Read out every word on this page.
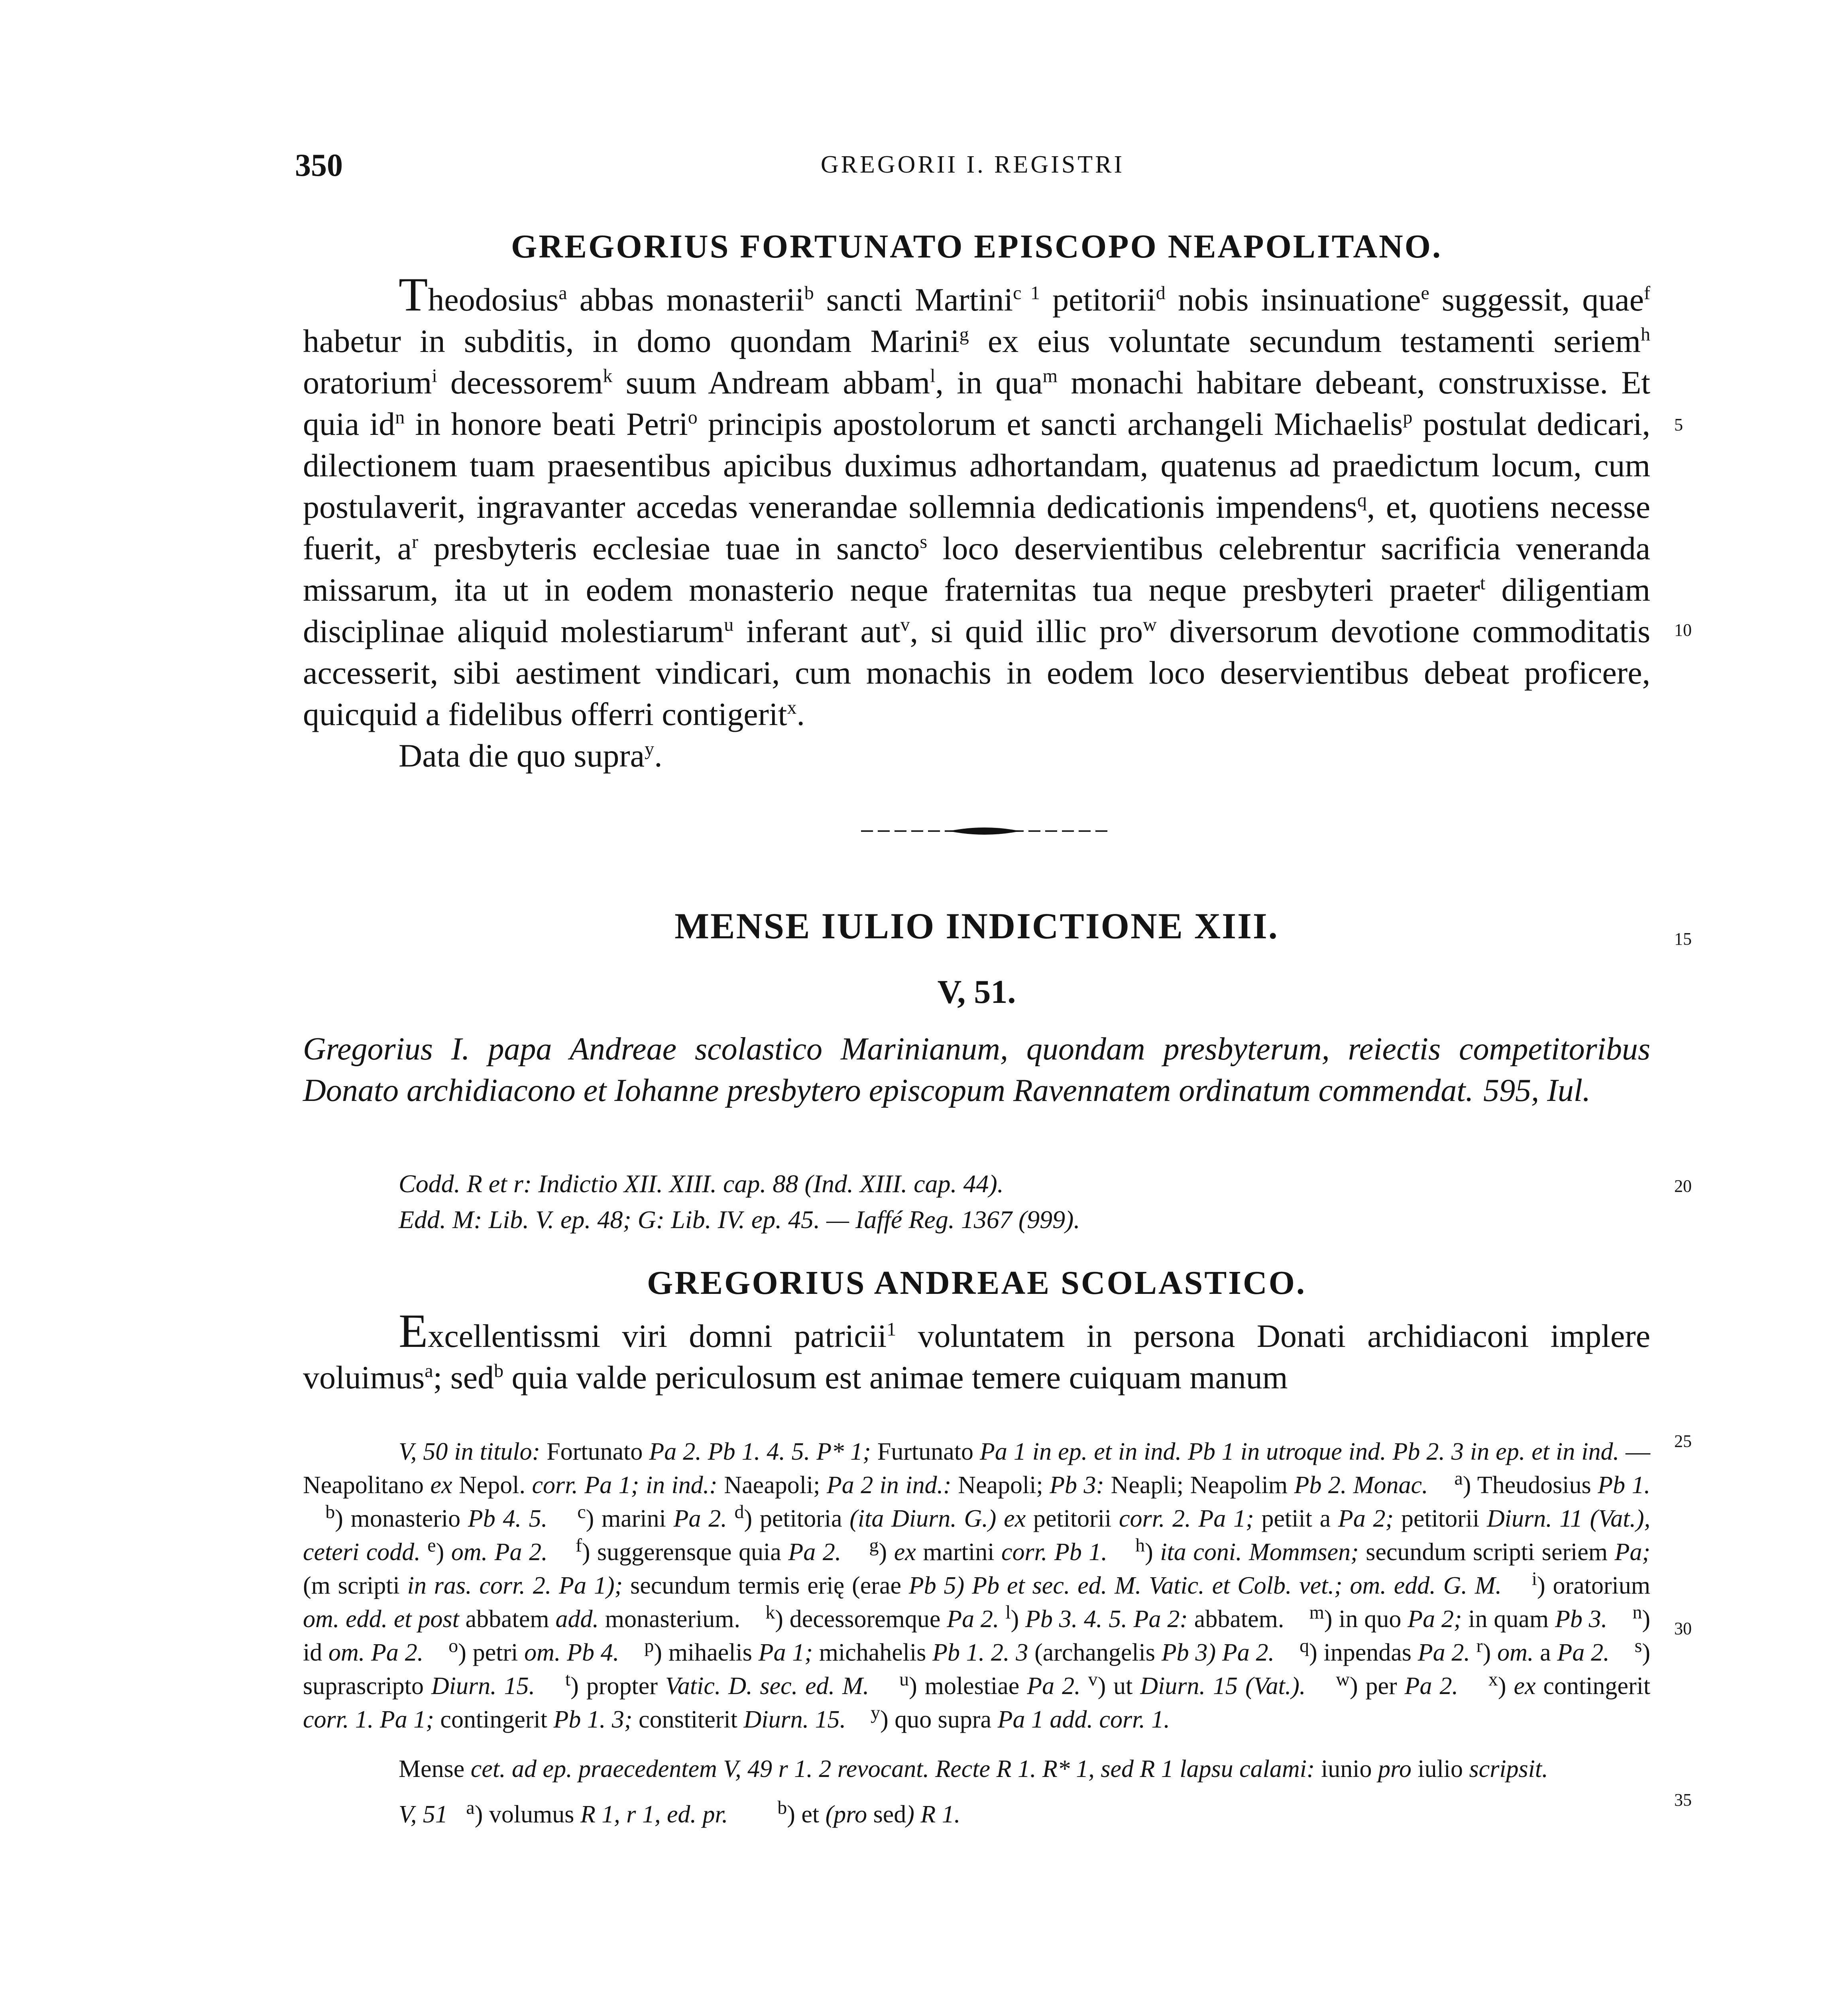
350	GREGORII I. REGISTRI
GREGORIUS FORTUNATO EPISCOPO NEAPOLITANO.

Theodosius$^a$ abbas monasterii$^b$ sancti Martini$^{c 1}$ petitorii$^d$ nobis insinuatione$^e$ suggessit, quae$^f$ habetur in subditis, in domo quondam Marini$^g$ ex eius voluntate secundum testamenti seriem$^h$ oratorium$^i$ decessorem$^k$ suum Andream abbam$^l$, in qua$^m$ monachi habitare debeant, construxisse. Et quia $id^n$ in honore beati Petri$^o$ principis apostolorum et sancti archangeli Michaelis$^p$ postulat dedicari, dilectionem tuam praesentibus apicibus duximus adhortandam, quatenus ad praedictum locum, cum postulaverit, ingravanter accedas venerandae sollemnia dedicationis impendens$^q$, et, quotiens necesse fuerit, $a^r$ presbyteris ecclesiae tuae in sancto$^s$ loco deservientibus celebrentur sacrificia veneranda missarum, ita ut in eodem monasterio neque fraternitas tua neque presbyteri praeter$^t$ diligentiam disciplinae aliquid molestiarum$^u$ inferant aut$^v$, si quid illic pro$^w$ diversorum devotione commoditatis accesserit, sibi aestiment vindicari, cum monachis in eodem loco deservientibus debeat proficere, quicquid a fidelibus offerri contigerit$^x$.

Data die quo supra$^y$.

MENSE IULIO INDICTIONE XIII.
V, 51.

Gregorius I. papa Andreae scolastico Marinianum, quondam presbyterum, reiectis competitoribus Donato archidiacono et Iohanne presbytero episcopum Ravennatem ordinatum commendat. 595, Iul.

Codd. R et r: Indictio XII. XIII. cap. 88 (Ind. XIII. cap. 44).
Edd. M: Lib. V. ep. 48; G: Lib. IV. ep. 45. — Iaffé Reg. 1367 (999).
GREGORIUS ANDREAE SCOLASTICO.

Excellentissmi viri domni patricii$^1$ voluntatem in persona Donati archidiaconi implere voluimus$^a$; sed$^b$ quia valde periculosum est animae temere cuiquam manum

5
10
15
20
25
30
35

V, 50 in titulo: Fortunato Pa 2. Pb 1. 4. 5. P* 1; Furtunato Pa 1 in ep. et in ind. Pb 1 in utroque ind. Pb 2. 3 in ep. et in ind. — Neapolitano ex Nepol. corr. Pa 1; in ind.: Naeapoli; Pa 2 in ind.: Neapoli; Pb 3: Neapli; Neapolim Pb 2. Monac. $^a$) Theudosius Pb 1.    $^b$) monasterio Pb 4. 5. $^c$) marini Pa 2. $^d$) petitoria (ita Diurn. G.) ex petitorii corr. 2. Pa 1; petiit a Pa 2; petitorii Diurn. 11 (Vat.), ceteri codd. $^e$) om. Pa 2. $^f$) suggerensque quia Pa 2. $^g$) ex martini corr. Pb 1. $^h$) ita coni. Mommsen; secundum scripti seriem Pa; (m scripti in ras. corr. 2. Pa 1); secundum termis erię (erae Pb 5) Pb et sec. ed. M. Vatic. et Colb. vet.; om. edd. G. M. $^i$) oratorium om. edd. et post abbatem add. monasterium.    $^k$) decessoremque Pa 2. $^l$) Pb 3. 4. 5. Pa 2: abbatem.    $^m$) in quo Pa 2; in quam Pb 3. $^n$) id om. Pa 2. $^o$) petri om. Pb 4. $^p$) mihaelis Pa 1; michahelis Pb 1. 2. 3 (archangelis Pb 3) Pa 2. $^q$) inpendas Pa 2. $^r$) om. a Pa 2. $^s$) suprascripto Diurn. 15. $^t$) propter Vatic. D. sec. ed. M. $^u$) molestiae Pa 2. $^v$) ut Diurn. 15 (Vat.). $^w$) per Pa 2. $^x$) ex contingerit corr. 1. Pa 1; contingerit Pb 1. 3; constiterit Diurn. 15. $^y$) quo supra Pa 1 add. corr. 1.

Mense cet. ad ep. praecedentem V, 49 r 1. 2 revocant. Recte R 1. R* 1, sed R 1 lapsu calami: iunio pro iulio scripsit.

V, 51 $^a$) volumus R 1, r 1, ed. pr.	$^b$) et (pro sed) R 1.
